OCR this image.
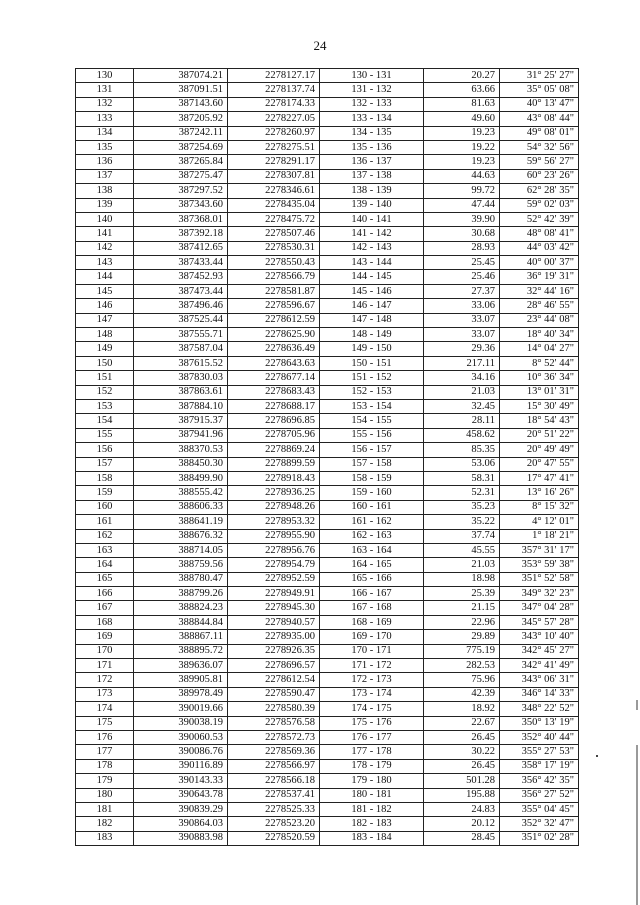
24
130	387074.21	2278127.17	130 - 131	20.27	31° 25' 27"
131	387091.51	2278137.74	131 - 132	63.66	35° 05' 08"
132	387143.60	2278174.33	132 - 133	81.63	40° 13' 47"
133	387205.92	2278227.05	133 - 134	49.60	43° 08' 44"
134	387242.11	2278260.97	134 - 135	19.23	49° 08' 01"
135	387254.69	2278275.51	135 - 136	19.22	54° 32' 56"
136	387265.84	2278291.17	136 - 137	19.23	59° 56' 27"
137	387275.47	2278307.81	137 - 138	44.63	60° 23' 26"
138	387297.52	2278346.61	138 - 139	99.72	62° 28' 35"
139	387343.60	2278435.04	139 - 140	47.44	59° 02' 03"
140	387368.01	2278475.72	140 - 141	39.90	52° 42' 39"
141	387392.18	2278507.46	141 - 142	30.68	48° 08' 41"
142	387412.65	2278530.31	142 - 143	28.93	44° 03' 42"
143	387433.44	2278550.43	143 - 144	25.45	40° 00' 37"
144	387452.93	2278566.79	144 - 145	25.46	36° 19' 31"
145	387473.44	2278581.87	145 - 146	27.37	32° 44' 16"
146	387496.46	2278596.67	146 - 147	33.06	28° 46' 55"
147	387525.44	2278612.59	147 - 148	33.07	23° 44' 08"
148	387555.71	2278625.90	148 - 149	33.07	18° 40' 34"
149	387587.04	2278636.49	149 - 150	29.36	14° 04' 27"
150	387615.52	2278643.63	150 - 151	217.11	8° 52' 44"
151	387830.03	2278677.14	151 - 152	34.16	10° 36' 34"
152	387863.61	2278683.43	152 - 153	21.03	13° 01' 31"
153	387884.10	2278688.17	153 - 154	32.45	15° 30' 49"
154	387915.37	2278696.85	154 - 155	28.11	18° 54' 43"
155	387941.96	2278705.96	155 - 156	458.62	20° 51' 22"
156	388370.53	2278869.24	156 - 157	85.35	20° 49' 49"
157	388450.30	2278899.59	157 - 158	53.06	20° 47' 55"
158	388499.90	2278918.43	158 - 159	58.31	17° 47' 41"
159	388555.42	2278936.25	159 - 160	52.31	13° 16' 26"
160	388606.33	2278948.26	160 - 161	35.23	8° 15' 32"
161	388641.19	2278953.32	161 - 162	35.22	4° 12' 01"
162	388676.32	2278955.90	162 - 163	37.74	1° 18' 21"
163	388714.05	2278956.76	163 - 164	45.55	357° 31' 17"
164	388759.56	2278954.79	164 - 165	21.03	353° 59' 38"
165	388780.47	2278952.59	165 - 166	18.98	351° 52' 58"
166	388799.26	2278949.91	166 - 167	25.39	349° 32' 23"
167	388824.23	2278945.30	167 - 168	21.15	347° 04' 28"
168	388844.84	2278940.57	168 - 169	22.96	345° 57' 28"
169	388867.11	2278935.00	169 - 170	29.89	343° 10' 40"
170	388895.72	2278926.35	170 - 171	775.19	342° 45' 27"
171	389636.07	2278696.57	171 - 172	282.53	342° 41' 49"
172	389905.81	2278612.54	172 - 173	75.96	343° 06' 31"
173	389978.49	2278590.47	173 - 174	42.39	346° 14' 33"
174	390019.66	2278580.39	174 - 175	18.92	348° 22' 52"
175	390038.19	2278576.58	175 - 176	22.67	350° 13' 19"
176	390060.53	2278572.73	176 - 177	26.45	352° 40' 44"
177	390086.76	2278569.36	177 - 178	30.22	355° 27' 53"
178	390116.89	2278566.97	178 - 179	26.45	358° 17' 19"
179	390143.33	2278566.18	179 - 180	501.28	356° 42' 35"
180	390643.78	2278537.41	180 - 181	195.88	356° 27' 52"
181	390839.29	2278525.33	181 - 182	24.83	355° 04' 45"
182	390864.03	2278523.20	182 - 183	20.12	352° 32' 47"
183	390883.98	2278520.59	183 - 184	28.45	351° 02' 28"
